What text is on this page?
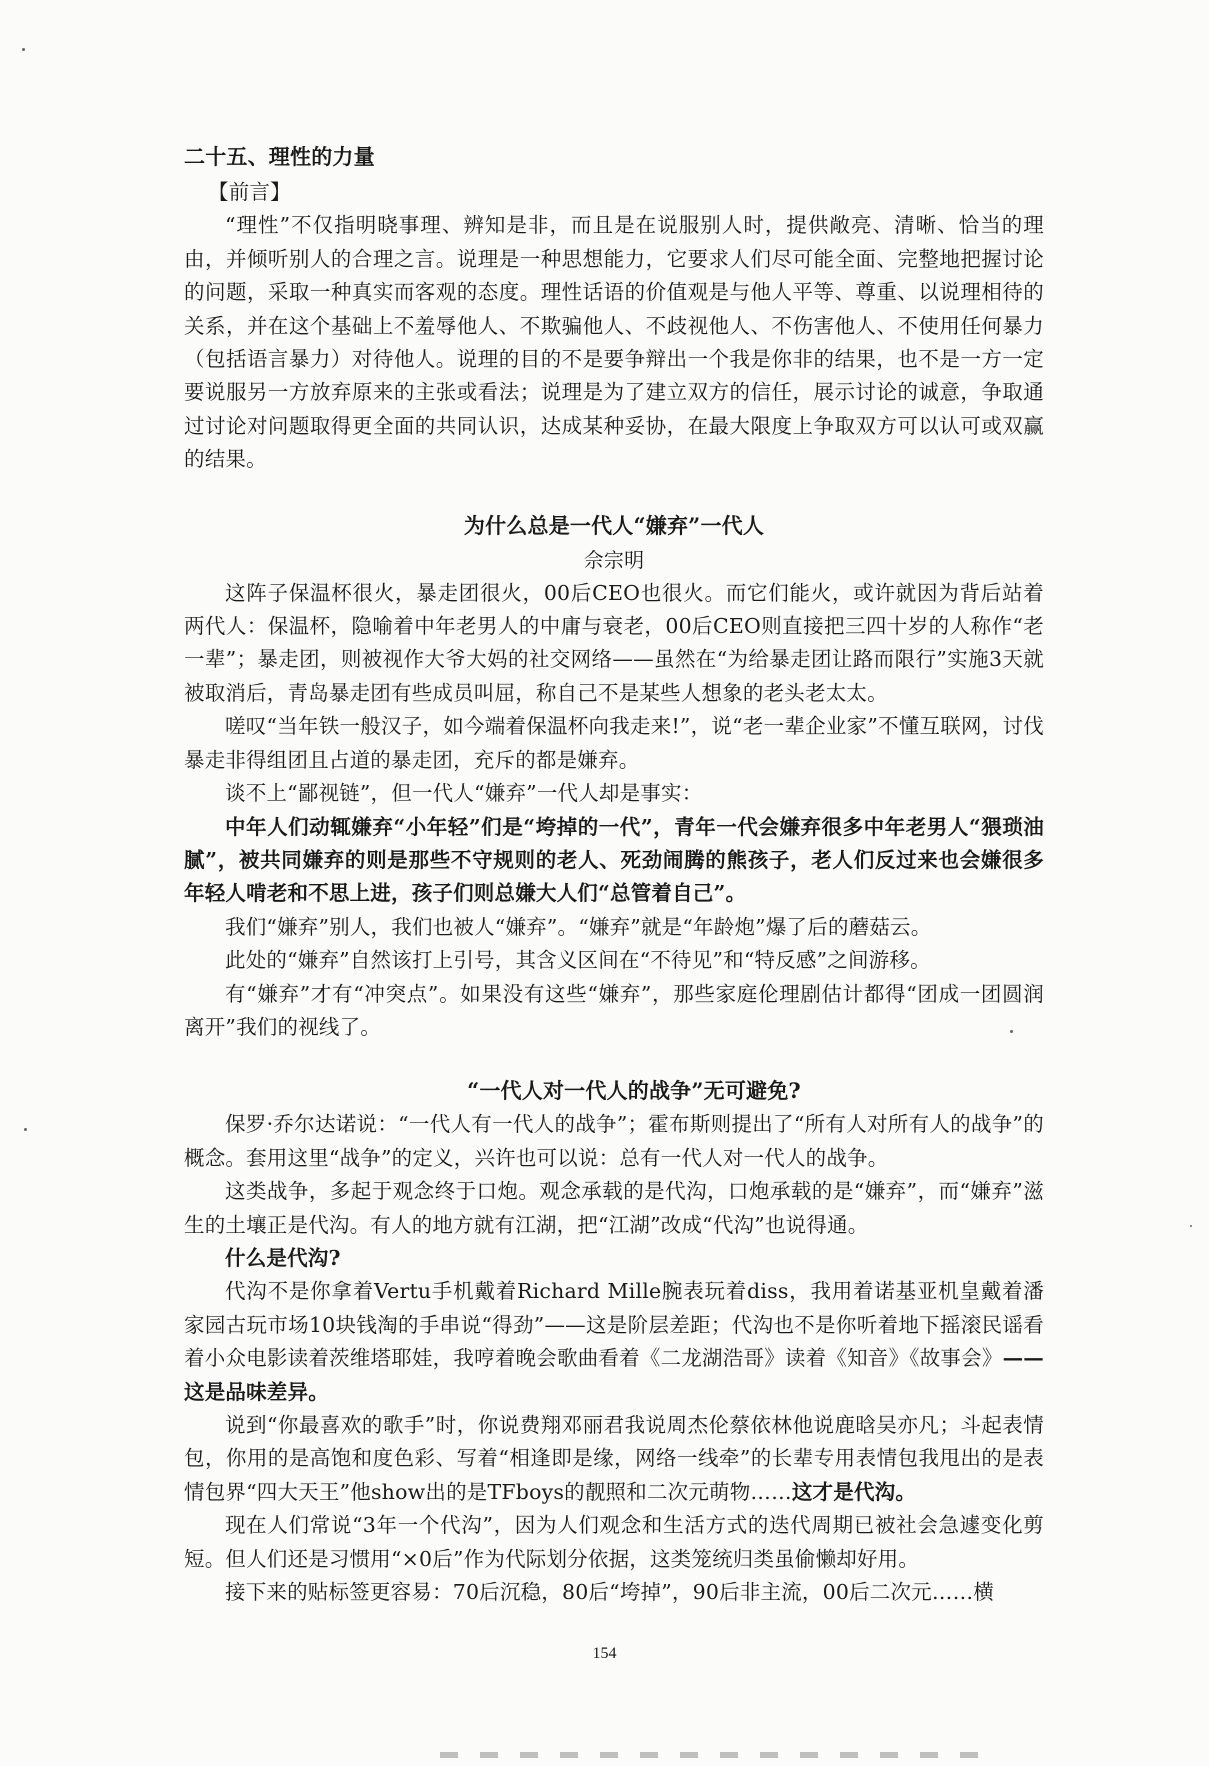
二十五、理性的力量

【前言】

“理性”不仅指明晓事理、辨知是非，而且是在说服别人时，提供敞亮、清晰、恰当的理由，并倾听别人的合理之言。说理是一种思想能力，它要求人们尽可能全面、完整地把握讨论的问题，采取一种真实而客观的态度。理性话语的价值观是与他人平等、尊重、以说理相待的关系，并在这个基础上不羞辱他人、不欺骗他人、不歧视他人、不伤害他人、不使用任何暴力（包括语言暴力）对待他人。说理的目的不是要争辩出一个我是你非的结果，也不是一方一定要说服另一方放弃原来的主张或看法；说理是为了建立双方的信任，展示讨论的诚意，争取通过讨论对问题取得更全面的共同认识，达成某种妥协，在最大限度上争取双方可以认可或双赢的结果。

为什么总是一代人“嫌弃”一代人

佘宗明

这阵子保温杯很火，暴走团很火，00后CEO也很火。而它们能火，或许就因为背后站着两代人：保温杯，隐喻着中年老男人的中庸与衰老，00后CEO则直接把三四十岁的人称作“老一辈”；暴走团，则被视作大爷大妈的社交网络——虽然在“为给暴走团让路而限行”实施3天就被取消后，青岛暴走团有些成员叫屈，称自己不是某些人想象的老头老太太。

嗟叹“当年铁一般汉子，如今端着保温杯向我走来!”，说“老一辈企业家”不懂互联网，讨伐暴走非得组团且占道的暴走团，充斥的都是嫌弃。

谈不上“鄙视链”，但一代人“嫌弃”一代人却是事实：

中年人们动辄嫌弃“小年轻”们是“垮掉的一代”，青年一代会嫌弃很多中年老男人“猥琐油腻”，被共同嫌弃的则是那些不守规则的老人、死劲闹腾的熊孩子，老人们反过来也会嫌很多年轻人啃老和不思上进，孩子们则总嫌大人们“总管着自己”。

我们“嫌弃”别人，我们也被人“嫌弃”。“嫌弃”就是“年龄炮”爆了后的蘑菇云。

此处的“嫌弃”自然该打上引号，其含义区间在“不待见”和“特反感”之间游移。

有“嫌弃”才有“冲突点”。如果没有这些“嫌弃”，那些家庭伦理剧估计都得“团成一团圆润离开”我们的视线了。

“一代人对一代人的战争”无可避免?

保罗·乔尔达诺说：“一代人有一代人的战争”；霍布斯则提出了“所有人对所有人的战争”的概念。套用这里“战争”的定义，兴许也可以说：总有一代人对一代人的战争。

这类战争，多起于观念终于口炮。观念承载的是代沟，口炮承载的是“嫌弃”，而“嫌弃”滋生的土壤正是代沟。有人的地方就有江湖，把“江湖”改成“代沟”也说得通。

什么是代沟?

代沟不是你拿着Vertu手机戴着Richard Mille腕表玩着diss，我用着诺基亚机皇戴着潘家园古玩市场10块钱淘的手串说“得劲”——这是阶层差距；代沟也不是你听着地下摇滚民谣看着小众电影读着茨维塔耶娃，我哼着晚会歌曲看着《二龙湖浩哥》读着《知音》《故事会》——这是品味差异。

说到“你最喜欢的歌手”时，你说费翔邓丽君我说周杰伦蔡依林他说鹿晗吴亦凡；斗起表情包，你用的是高饱和度色彩、写着“相逢即是缘，网络一线牵”的长辈专用表情包我甩出的是表情包界“四大天王”他show出的是TFboys的靓照和二次元萌物……这才是代沟。

现在人们常说“3年一个代沟”，因为人们观念和生活方式的迭代周期已被社会急遽变化剪短。但人们还是习惯用“×0后”作为代际划分依据，这类笼统归类虽偷懒却好用。

接下来的贴标签更容易：70后沉稳，80后“垮掉”，90后非主流，00后二次元……横

154
